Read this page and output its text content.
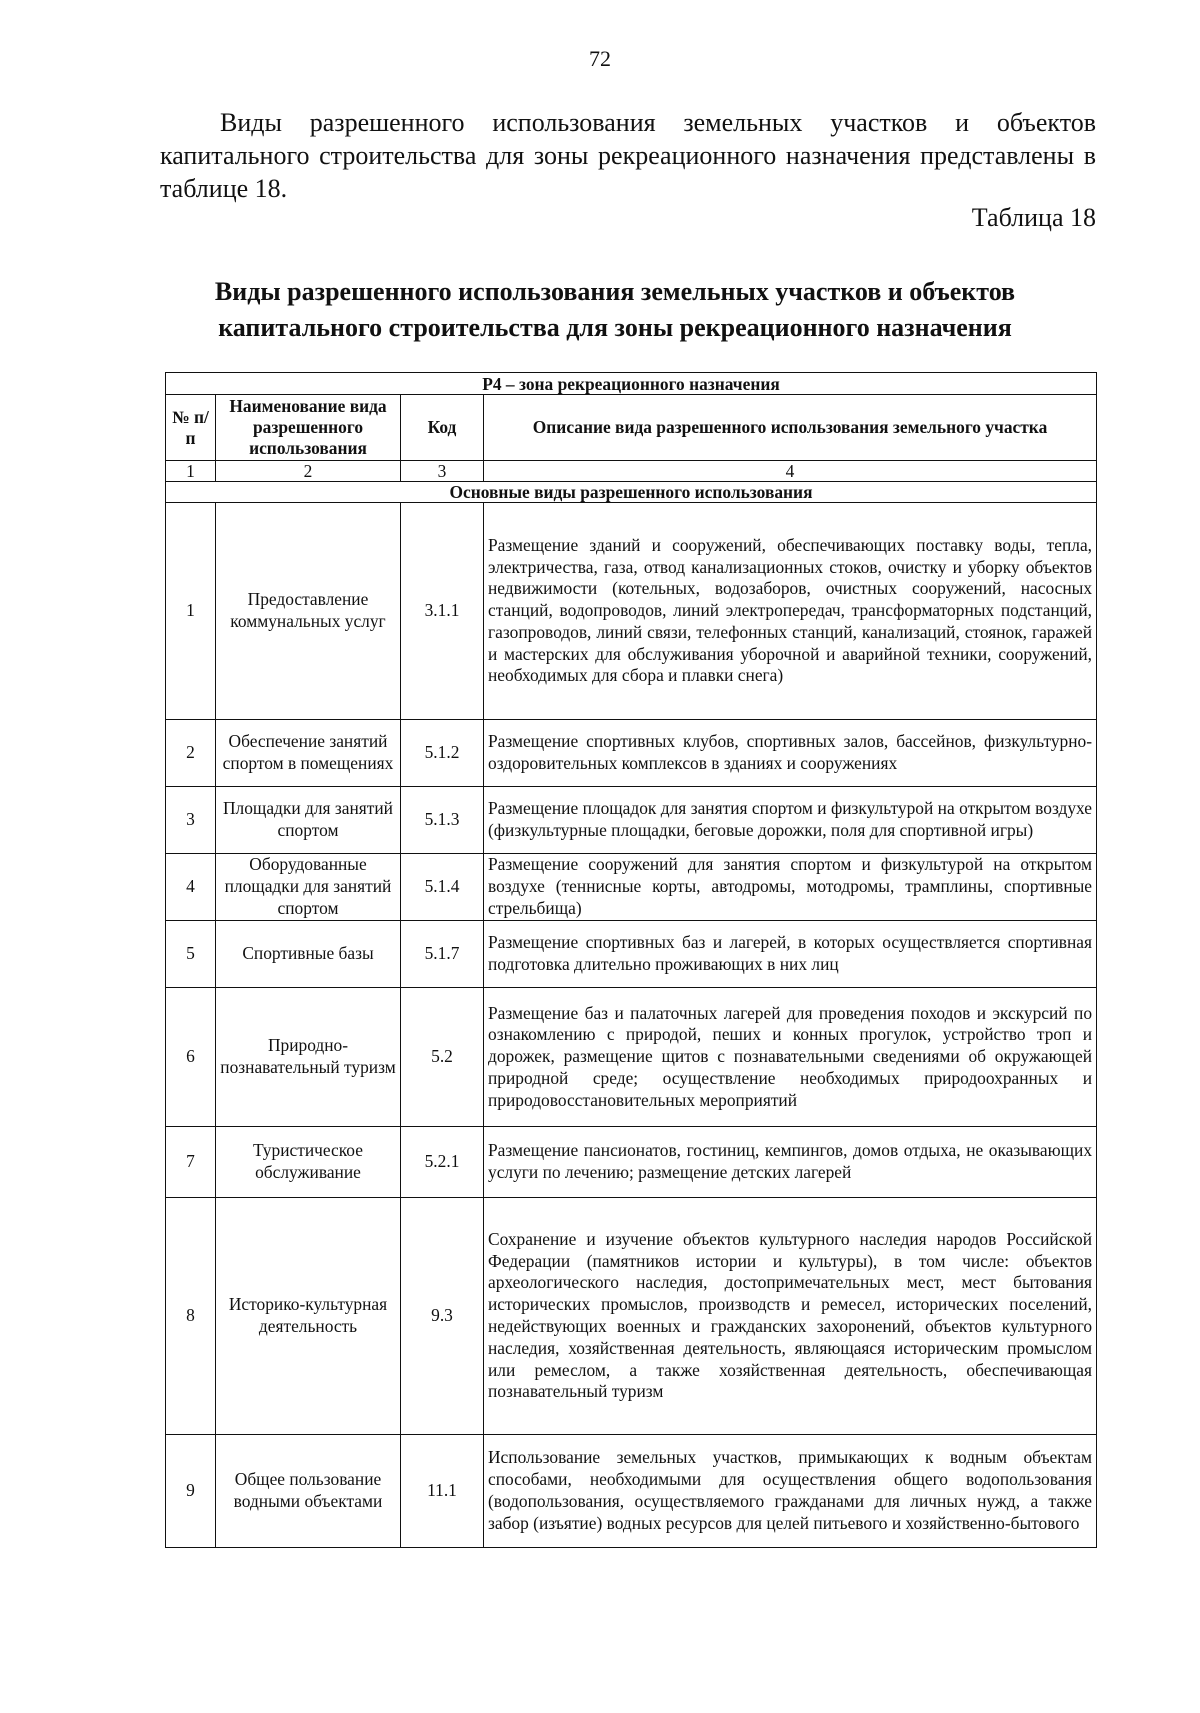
72
Виды разрешенного использования земельных участков и объектов капитального строительства для зоны рекреационного назначения представлены в таблице 18.
Таблица 18
Виды разрешенного использования земельных участков и объектов капитального строительства для зоны рекреационного назначения
Р4 – зона рекреационного назначения			
№ п/п	Наименование вида разрешенного использования	Код	Описание вида разрешенного использования земельного участка
1	2	3	4
Основные виды разрешенного использования			
1	Предоставление коммунальных услуг	3.1.1	Размещение зданий и сооружений, обеспечивающих поставку воды, тепла, электричества, газа, отвод канализационных стоков, очистку и уборку объектов недвижимости (котельных, водозаборов, очистных сооружений, насосных станций, водопроводов, линий электропередач, трансформаторных подстанций, газопроводов, линий связи, телефонных станций, канализаций, стоянок, гаражей и мастерских для обслуживания уборочной и аварийной техники, сооружений, необходимых для сбора и плавки снега)
2	Обеспечение занятий спортом в помещениях	5.1.2	Размещение спортивных клубов, спортивных залов, бассейнов, физкультурно-оздоровительных комплексов в зданиях и сооружениях
3	Площадки для занятий спортом	5.1.3	Размещение площадок для занятия спортом и физкультурой на открытом воздухе (физкультурные площадки, беговые дорожки, поля для спортивной игры)
4	Оборудованные площадки для занятий спортом	5.1.4	Размещение сооружений для занятия спортом и физкультурой на открытом воздухе (теннисные корты, автодромы, мотодромы, трамплины, спортивные стрельбища)
5	Спортивные базы	5.1.7	Размещение спортивных баз и лагерей, в которых осуществляется спортивная подготовка длительно проживающих в них лиц
6	Природно-познавательный туризм	5.2	Размещение баз и палаточных лагерей для проведения походов и экскурсий по ознакомлению с природой, пеших и конных прогулок, устройство троп и дорожек, размещение щитов с познавательными сведениями об окружающей природной среде; осуществление необходимых природоохранных и природовосстановительных мероприятий
7	Туристическое обслуживание	5.2.1	Размещение пансионатов, гостиниц, кемпингов, домов отдыха, не оказывающих услуги по лечению; размещение детских лагерей
8	Историко-культурная деятельность	9.3	Сохранение и изучение объектов культурного наследия народов Российской Федерации (памятников истории и культуры), в том числе: объектов археологического наследия, достопримечательных мест, мест бытования исторических промыслов, производств и ремесел, исторических поселений, недействующих военных и гражданских захоронений, объектов культурного наследия, хозяйственная деятельность, являющаяся историческим промыслом или ремеслом, а также хозяйственная деятельность, обеспечивающая познавательный туризм
9	Общее пользование водными объектами	11.1	Использование земельных участков, примыкающих к водным объектам способами, необходимыми для осуществления общего водопользования (водопользования, осуществляемого гражданами для личных нужд, а также забор (изъятие) водных ресурсов для целей питьевого и хозяйственно-бытового
